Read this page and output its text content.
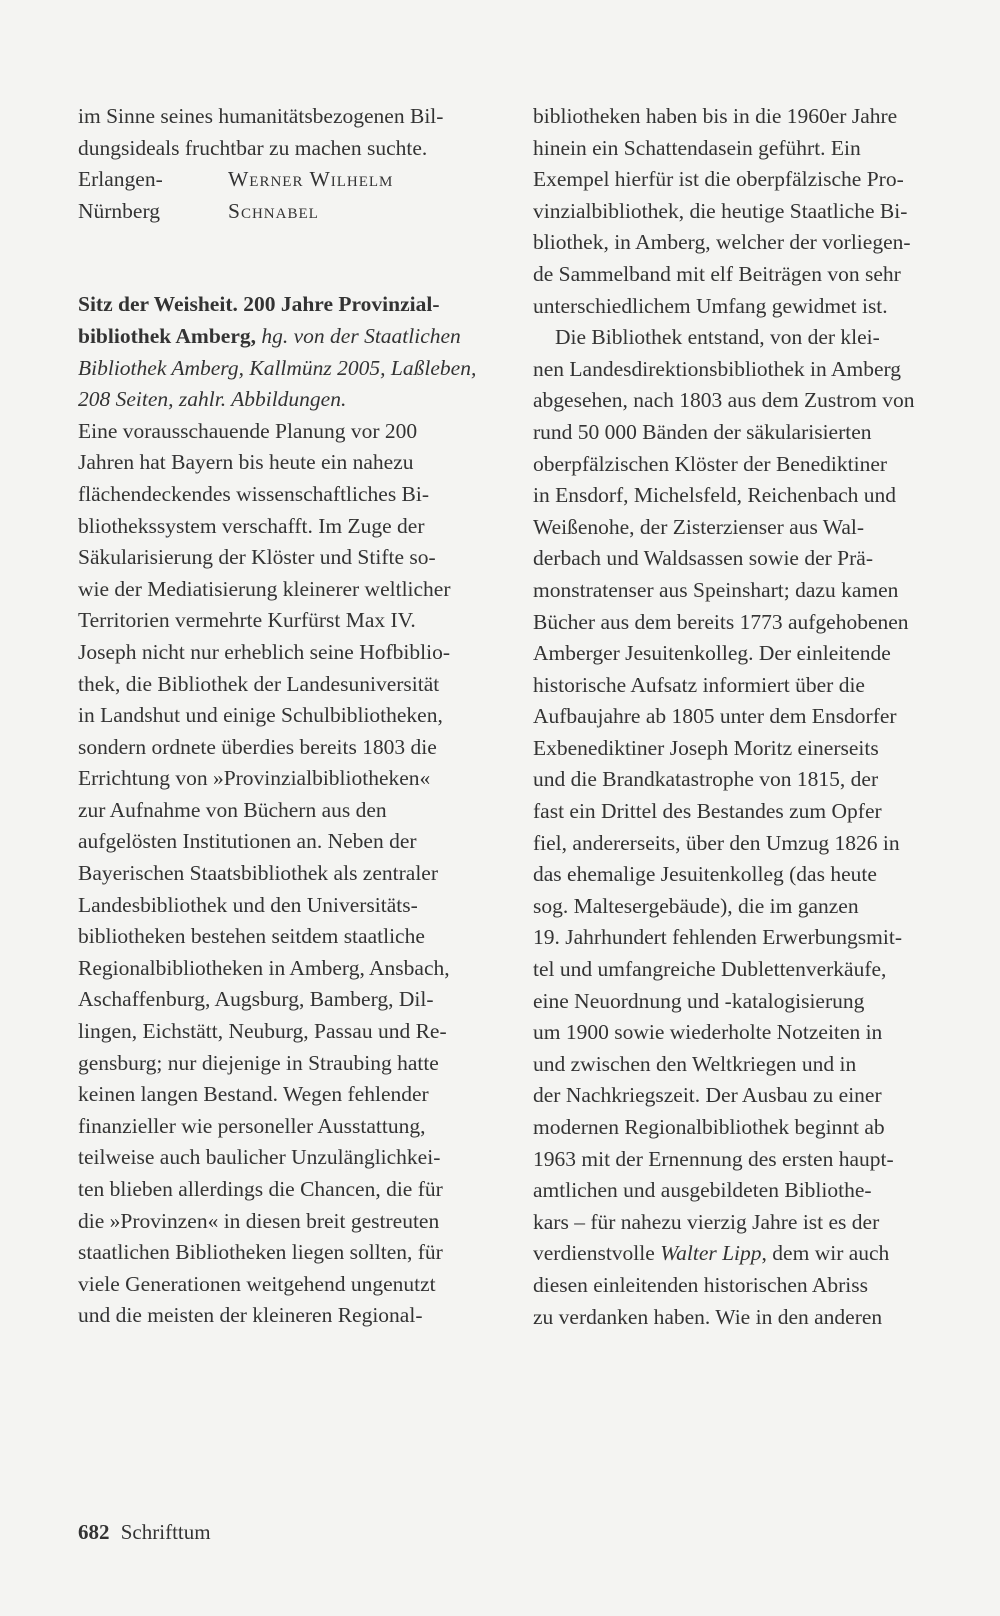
im Sinne seines humanitätsbezogenen Bil-
dungsideals fruchtbar zu machen suchte.
Erlangen-	Werner Wilhelm
Nürnberg	Schnabel
Sitz der Weisheit. 200 Jahre Provinzial-
bibliothek Amberg, hg. von der Staatlichen
Bibliothek Amberg, Kallmünz 2005, Laßleben,
208 Seiten, zahlr. Abbildungen.
Eine vorausschauende Planung vor 200
Jahren hat Bayern bis heute ein nahezu
flächendeckendes wissenschaftliches Bi-
bliothekssystem verschafft. Im Zuge der
Säkularisierung der Klöster und Stifte so-
wie der Mediatisierung kleinerer weltlicher
Territorien vermehrte Kurfürst Max IV.
Joseph nicht nur erheblich seine Hofbiblio-
thek, die Bibliothek der Landesuniversität
in Landshut und einige Schulbibliotheken,
sondern ordnete überdies bereits 1803 die
Errichtung von »Provinzialbibliotheken«
zur Aufnahme von Büchern aus den
aufgelösten Institutionen an. Neben der
Bayerischen Staatsbibliothek als zentraler
Landesbibliothek und den Universitäts-
bibliotheken bestehen seitdem staatliche
Regionalbibliotheken in Amberg, Ansbach,
Aschaffenburg, Augsburg, Bamberg, Dil-
lingen, Eichstätt, Neuburg, Passau und Re-
gensburg; nur diejenige in Straubing hatte
keinen langen Bestand. Wegen fehlender
finanzieller wie personeller Ausstattung,
teilweise auch baulicher Unzulänglichkei-
ten blieben allerdings die Chancen, die für
die »Provinzen« in diesen breit gestreuten
staatlichen Bibliotheken liegen sollten, für
viele Generationen weitgehend ungenutzt
und die meisten der kleineren Regional-
bibliotheken haben bis in die 1960er Jahre
hinein ein Schattendasein geführt. Ein
Exempel hierfür ist die oberpfälzische Pro-
vinzialbibliothek, die heutige Staatliche Bi-
bliothek, in Amberg, welcher der vorliegen-
de Sammelband mit elf Beiträgen von sehr
unterschiedlichem Umfang gewidmet ist.
Die Bibliothek entstand, von der klei-
nen Landesdirektionsbibliothek in Amberg
abgesehen, nach 1803 aus dem Zustrom von
rund 50 000 Bänden der säkularisierten
oberpfälzischen Klöster der Benediktiner
in Ensdorf, Michelsfeld, Reichenbach und
Weißenohe, der Zisterzienser aus Wal-
derbach und Waldsassen sowie der Prä-
monstratenser aus Speinshart; dazu kamen
Bücher aus dem bereits 1773 aufgehobenen
Amberger Jesuitenkolleg. Der einleitende
historische Aufsatz informiert über die
Aufbaujahre ab 1805 unter dem Ensdorfer
Exbenediktiner Joseph Moritz einerseits
und die Brandkatastrophe von 1815, der
fast ein Drittel des Bestandes zum Opfer
fiel, andererseits, über den Umzug 1826 in
das ehemalige Jesuitenkolleg (das heute
sog. Maltesergebäude), die im ganzen
19. Jahrhundert fehlenden Erwerbungsmit-
tel und umfangreiche Dublettenverkäufe,
eine Neuordnung und -katalogisierung
um 1900 sowie wiederholte Notzeiten in
und zwischen den Weltkriegen und in
der Nachkriegszeit. Der Ausbau zu einer
modernen Regionalbibliothek beginnt ab
1963 mit der Ernennung des ersten haupt-
amtlichen und ausgebildeten Bibliothe-
kars – für nahezu vierzig Jahre ist es der
verdienstvolle Walter Lipp, dem wir auch
diesen einleitenden historischen Abriss
zu verdanken haben. Wie in den anderen
682 Schrifttum
